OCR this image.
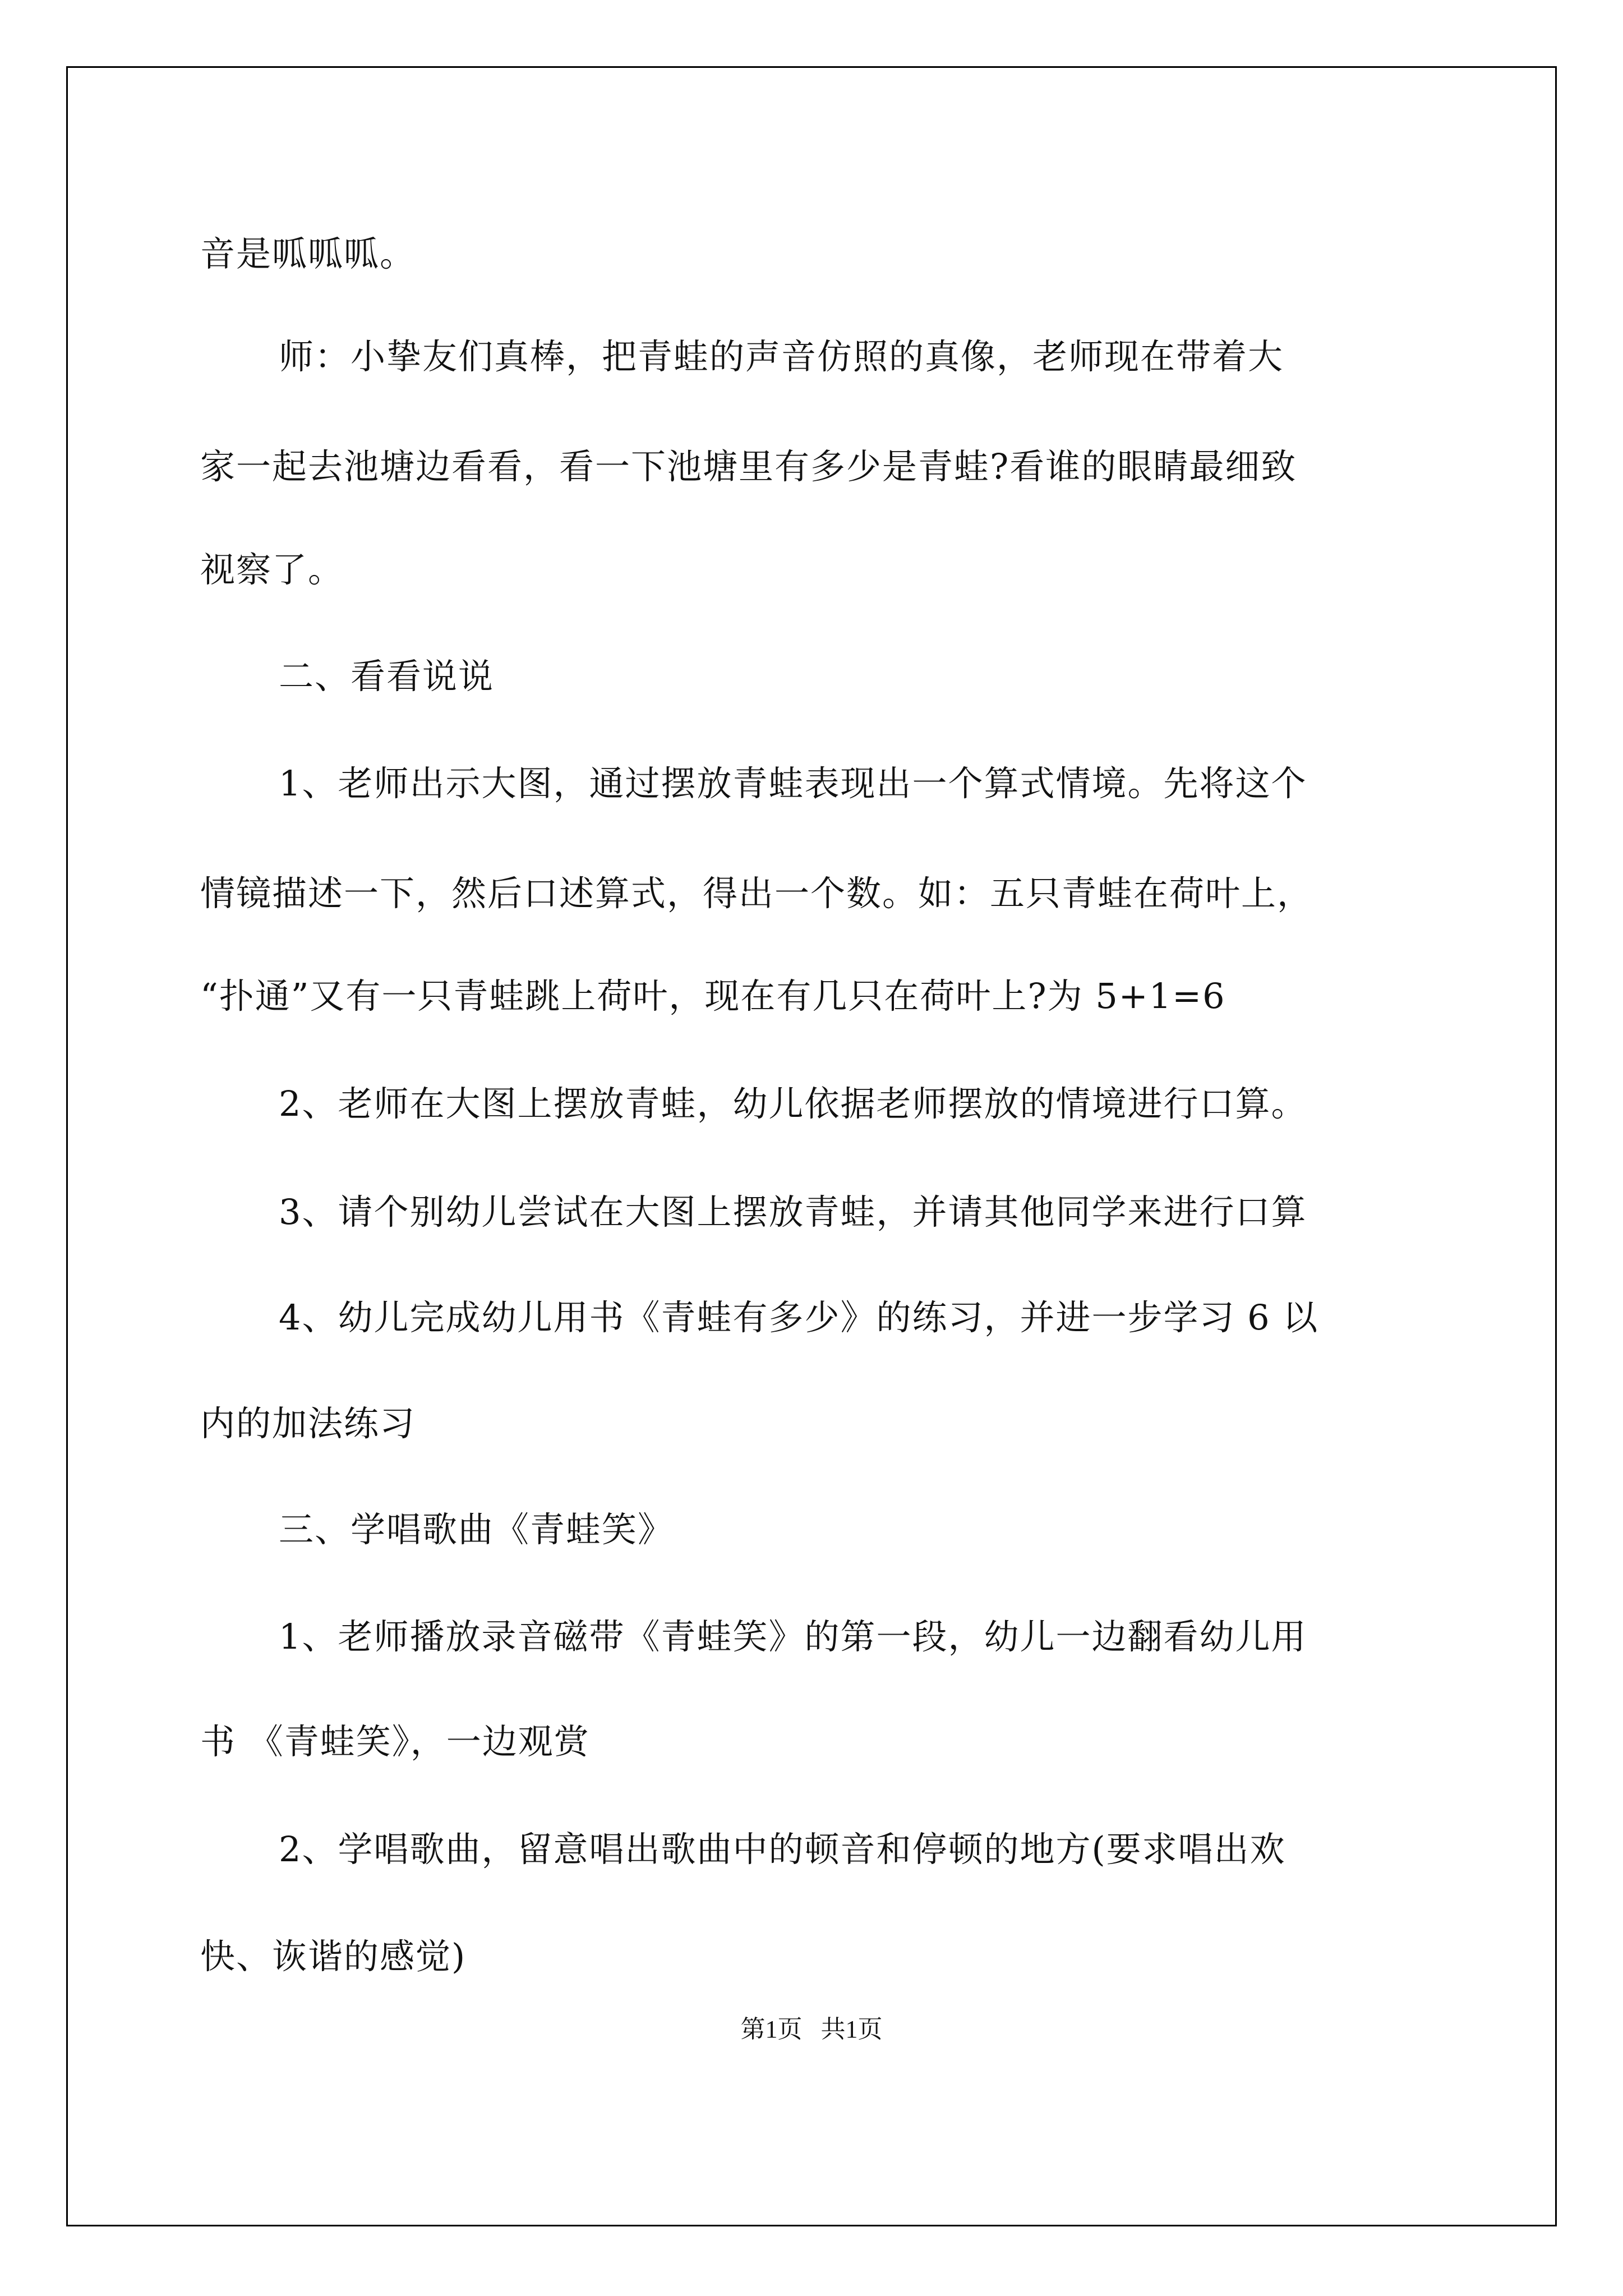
音是呱呱呱。
师：小挚友们真棒，把青蛙的声音仿照的真像，老师现在带着大
家一起去池塘边看看，看一下池塘里有多少是青蛙?看谁的眼睛最细致
视察了。
二、看看说说
1、老师出示大图，通过摆放青蛙表现出一个算式情境。先将这个
情镜描述一下，然后口述算式，得出一个数。如：五只青蛙在荷叶上，
“扑通”又有一只青蛙跳上荷叶，现在有几只在荷叶上?为 5+1=6
2、老师在大图上摆放青蛙，幼儿依据老师摆放的情境进行口算。
3、请个别幼儿尝试在大图上摆放青蛙，并请其他同学来进行口算
4、幼儿完成幼儿用书《青蛙有多少》的练习，并进一步学习 6 以
内的加法练习
三、学唱歌曲《青蛙笑》
1、老师播放录音磁带《青蛙笑》的第一段，幼儿一边翻看幼儿用
书 《青蛙笑》，一边观赏
2、学唱歌曲，留意唱出歌曲中的顿音和停顿的地方(要求唱出欢
快、诙谐的感觉)
第1页   共1页
